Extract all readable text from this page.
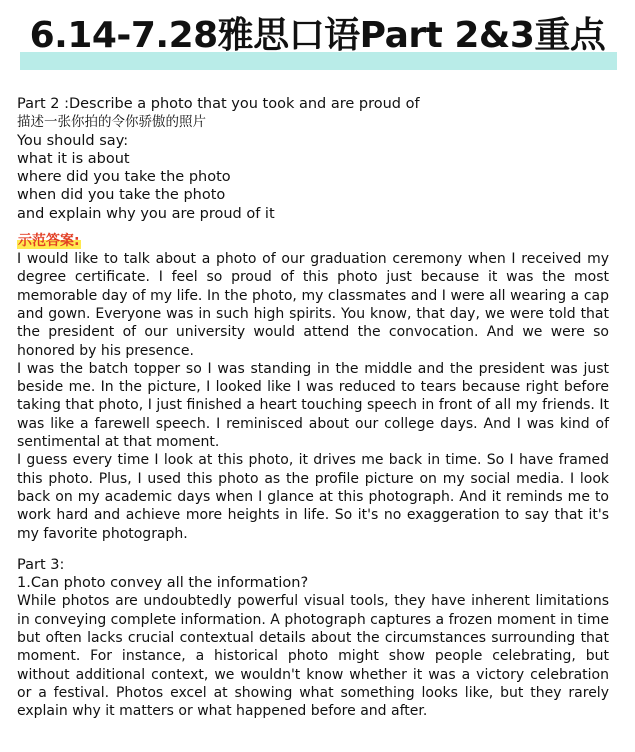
6.14-7.28雅思口语Part 2&3重点

Part 2 :Describe a photo that you took and are proud of

描述一张你拍的令你骄傲的照片

You should say:

what it is about

where did you take the photo

when did you take the photo

and explain why you are proud of it

示范答案:

I would like to talk about a photo of our graduation ceremony when I received my degree certificate. I feel so proud of this photo just because it was the most memorable day of my life. In the photo, my classmates and I were all wearing a cap and gown. Everyone was in such high spirits. You know, that day, we were told that the president of our university would attend the convocation. And we were so honored by his presence.

I was the batch topper so I was standing in the middle and the president was just beside me. In the picture, I looked like I was reduced to tears because right before taking that photo, I just finished a heart touching speech in front of all my friends. It was like a farewell speech. I reminisced about our college days. And I was kind of sentimental at that moment.

I guess every time I look at this photo, it drives me back in time. So I have framed this photo. Plus, I used this photo as the profile picture on my social media. I look back on my academic days when I glance at this photograph. And it reminds me to work hard and achieve more heights in life. So it's no exaggeration to say that it's my favorite photograph.

Part 3:

1.Can photo convey all the information?

While photos are undoubtedly powerful visual tools, they have inherent limitations in conveying complete information. A photograph captures a frozen moment in time but often lacks crucial contextual details about the circumstances surrounding that moment. For instance, a historical photo might show people celebrating, but without additional context, we wouldn't know whether it was a victory celebration or a festival. Photos excel at showing what something looks like, but they rarely explain why it matters or what happened before and after.
